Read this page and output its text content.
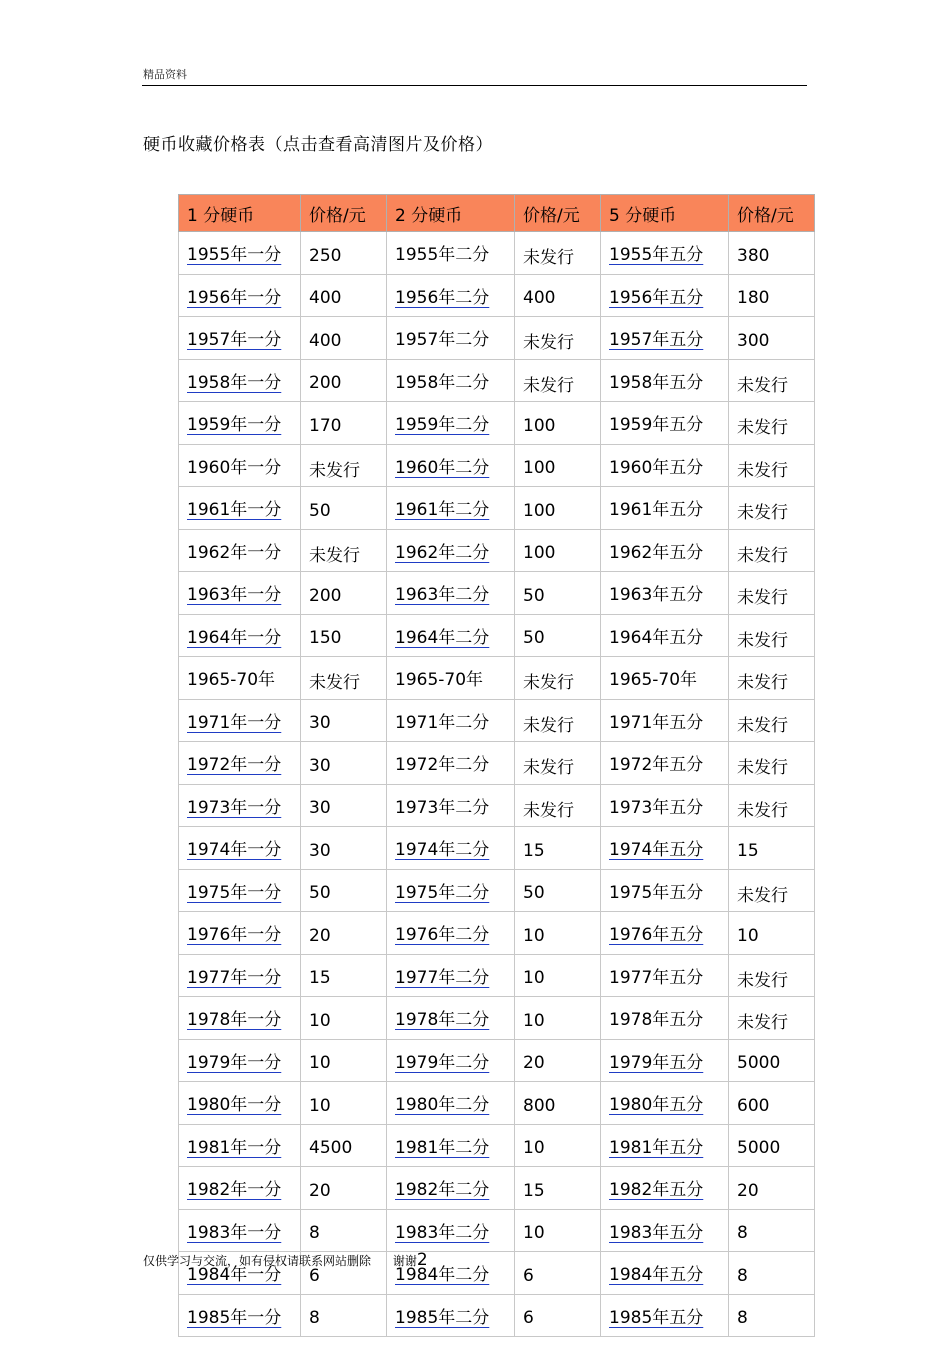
精品资料
硬币收藏价格表（点击查看高清图片及价格）
1 分硬币	价格/元	2 分硬币	价格/元	5 分硬币	价格/元
1955年一分	250	1955年二分	未发行	1955年五分	380
1956年一分	400	1956年二分	400	1956年五分	180
1957年一分	400	1957年二分	未发行	1957年五分	300
1958年一分	200	1958年二分	未发行	1958年五分	未发行
1959年一分	170	1959年二分	100	1959年五分	未发行
1960年一分	未发行	1960年二分	100	1960年五分	未发行
1961年一分	50	1961年二分	100	1961年五分	未发行
1962年一分	未发行	1962年二分	100	1962年五分	未发行
1963年一分	200	1963年二分	50	1963年五分	未发行
1964年一分	150	1964年二分	50	1964年五分	未发行
1965-70年	未发行	1965-70年	未发行	1965-70年	未发行
1971年一分	30	1971年二分	未发行	1971年五分	未发行
1972年一分	30	1972年二分	未发行	1972年五分	未发行
1973年一分	30	1973年二分	未发行	1973年五分	未发行
1974年一分	30	1974年二分	15	1974年五分	15
1975年一分	50	1975年二分	50	1975年五分	未发行
1976年一分	20	1976年二分	10	1976年五分	10
1977年一分	15	1977年二分	10	1977年五分	未发行
1978年一分	10	1978年二分	10	1978年五分	未发行
1979年一分	10	1979年二分	20	1979年五分	5000
1980年一分	10	1980年二分	800	1980年五分	600
1981年一分	4500	1981年二分	10	1981年五分	5000
1982年一分	20	1982年二分	15	1982年五分	20
1983年一分	8	1983年二分	10	1983年五分	8
1984年一分	6	1984年二分	6	1984年五分	8
1985年一分	8	1985年二分	6	1985年五分	8
仅供学习与交流，如有侵权请联系网站删除 谢谢2
